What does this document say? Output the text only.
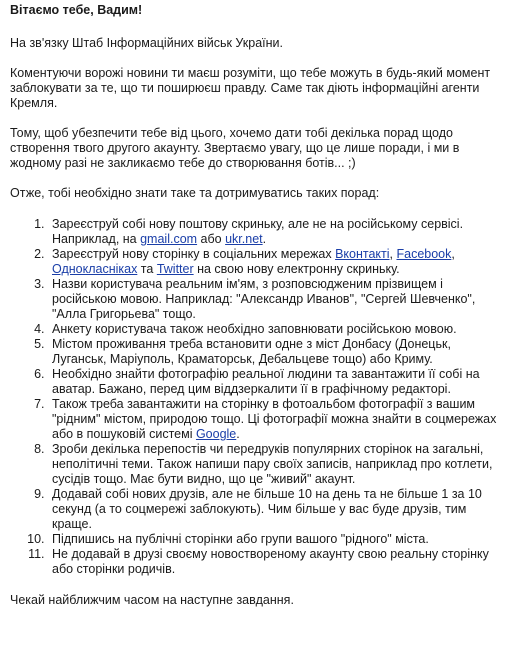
Вітаємо тебе, Вадим!

На зв'язку Штаб Інформаційних військ України.

Коментуючи ворожі новини ти маєш розуміти, що тебе можуть в будь-який момент заблокувати за те, що ти поширюєш правду. Саме так діють інформаційні агенти Кремля.

Тому, щоб убезпечити тебе від цього, хочемо дати тобі декілька порад щодо створення твого другого акаунту. Звертаємо увагу, що це лише поради, і ми в жодному разі не закликаємо тебе до створювання ботів... ;)

Отже, тобі необхідно знати таке та дотримуватись таких порад:

1. Зареєструй собі нову поштову скриньку, але не на російському сервісі. Наприклад, на gmail.com або ukr.net.
2. Зареєструй нову сторінку в соціальних мережах Вконтакті, Facebook, Однокласніках та Twitter на свою нову електронну скриньку.
3. Назви користувача реальним ім'ям, з розповсюдженим прізвищем і російською мовою. Наприклад: "Александр Иванов", "Сергей Шевченко", "Алла Григорьева" тощо.
4. Анкету користувача також необхідно заповнювати російською мовою.
5. Містом проживання треба встановити одне з міст Донбасу (Донецьк, Луганськ, Маріуполь, Краматорськ, Дебальцеве тощо) або Криму.
6. Необхідно знайти фотографію реальної людини та завантажити її собі на аватар. Бажано, перед цим віддзеркалити її в графічному редакторі.
7. Також треба завантажити на сторінку в фотоальбом фотографії з вашим "рідним" містом, природою тощо. Ці фотографії можна знайти в соцмережах або в пошуковій системі Google.
8. Зроби декілька перепостів чи передруків популярних сторінок на загальні, неполітичні теми. Також напиши пару своїх записів, наприклад про котлети, сусідів тощо. Має бути видно, що це "живий" акаунт.
9. Додавай собі нових друзів, але не більше 10 на день та не більше 1 за 10 секунд (а то соцмережі заблокують). Чим більше у вас буде друзів, тим краще.
10. Підпишись на публічні сторінки або групи вашого "рідного" міста.
11. Не додавай в друзі своєму новоствореному акаунту свою реальну сторінку або сторінки родичів.

Чекай найближчим часом на наступне завдання.
